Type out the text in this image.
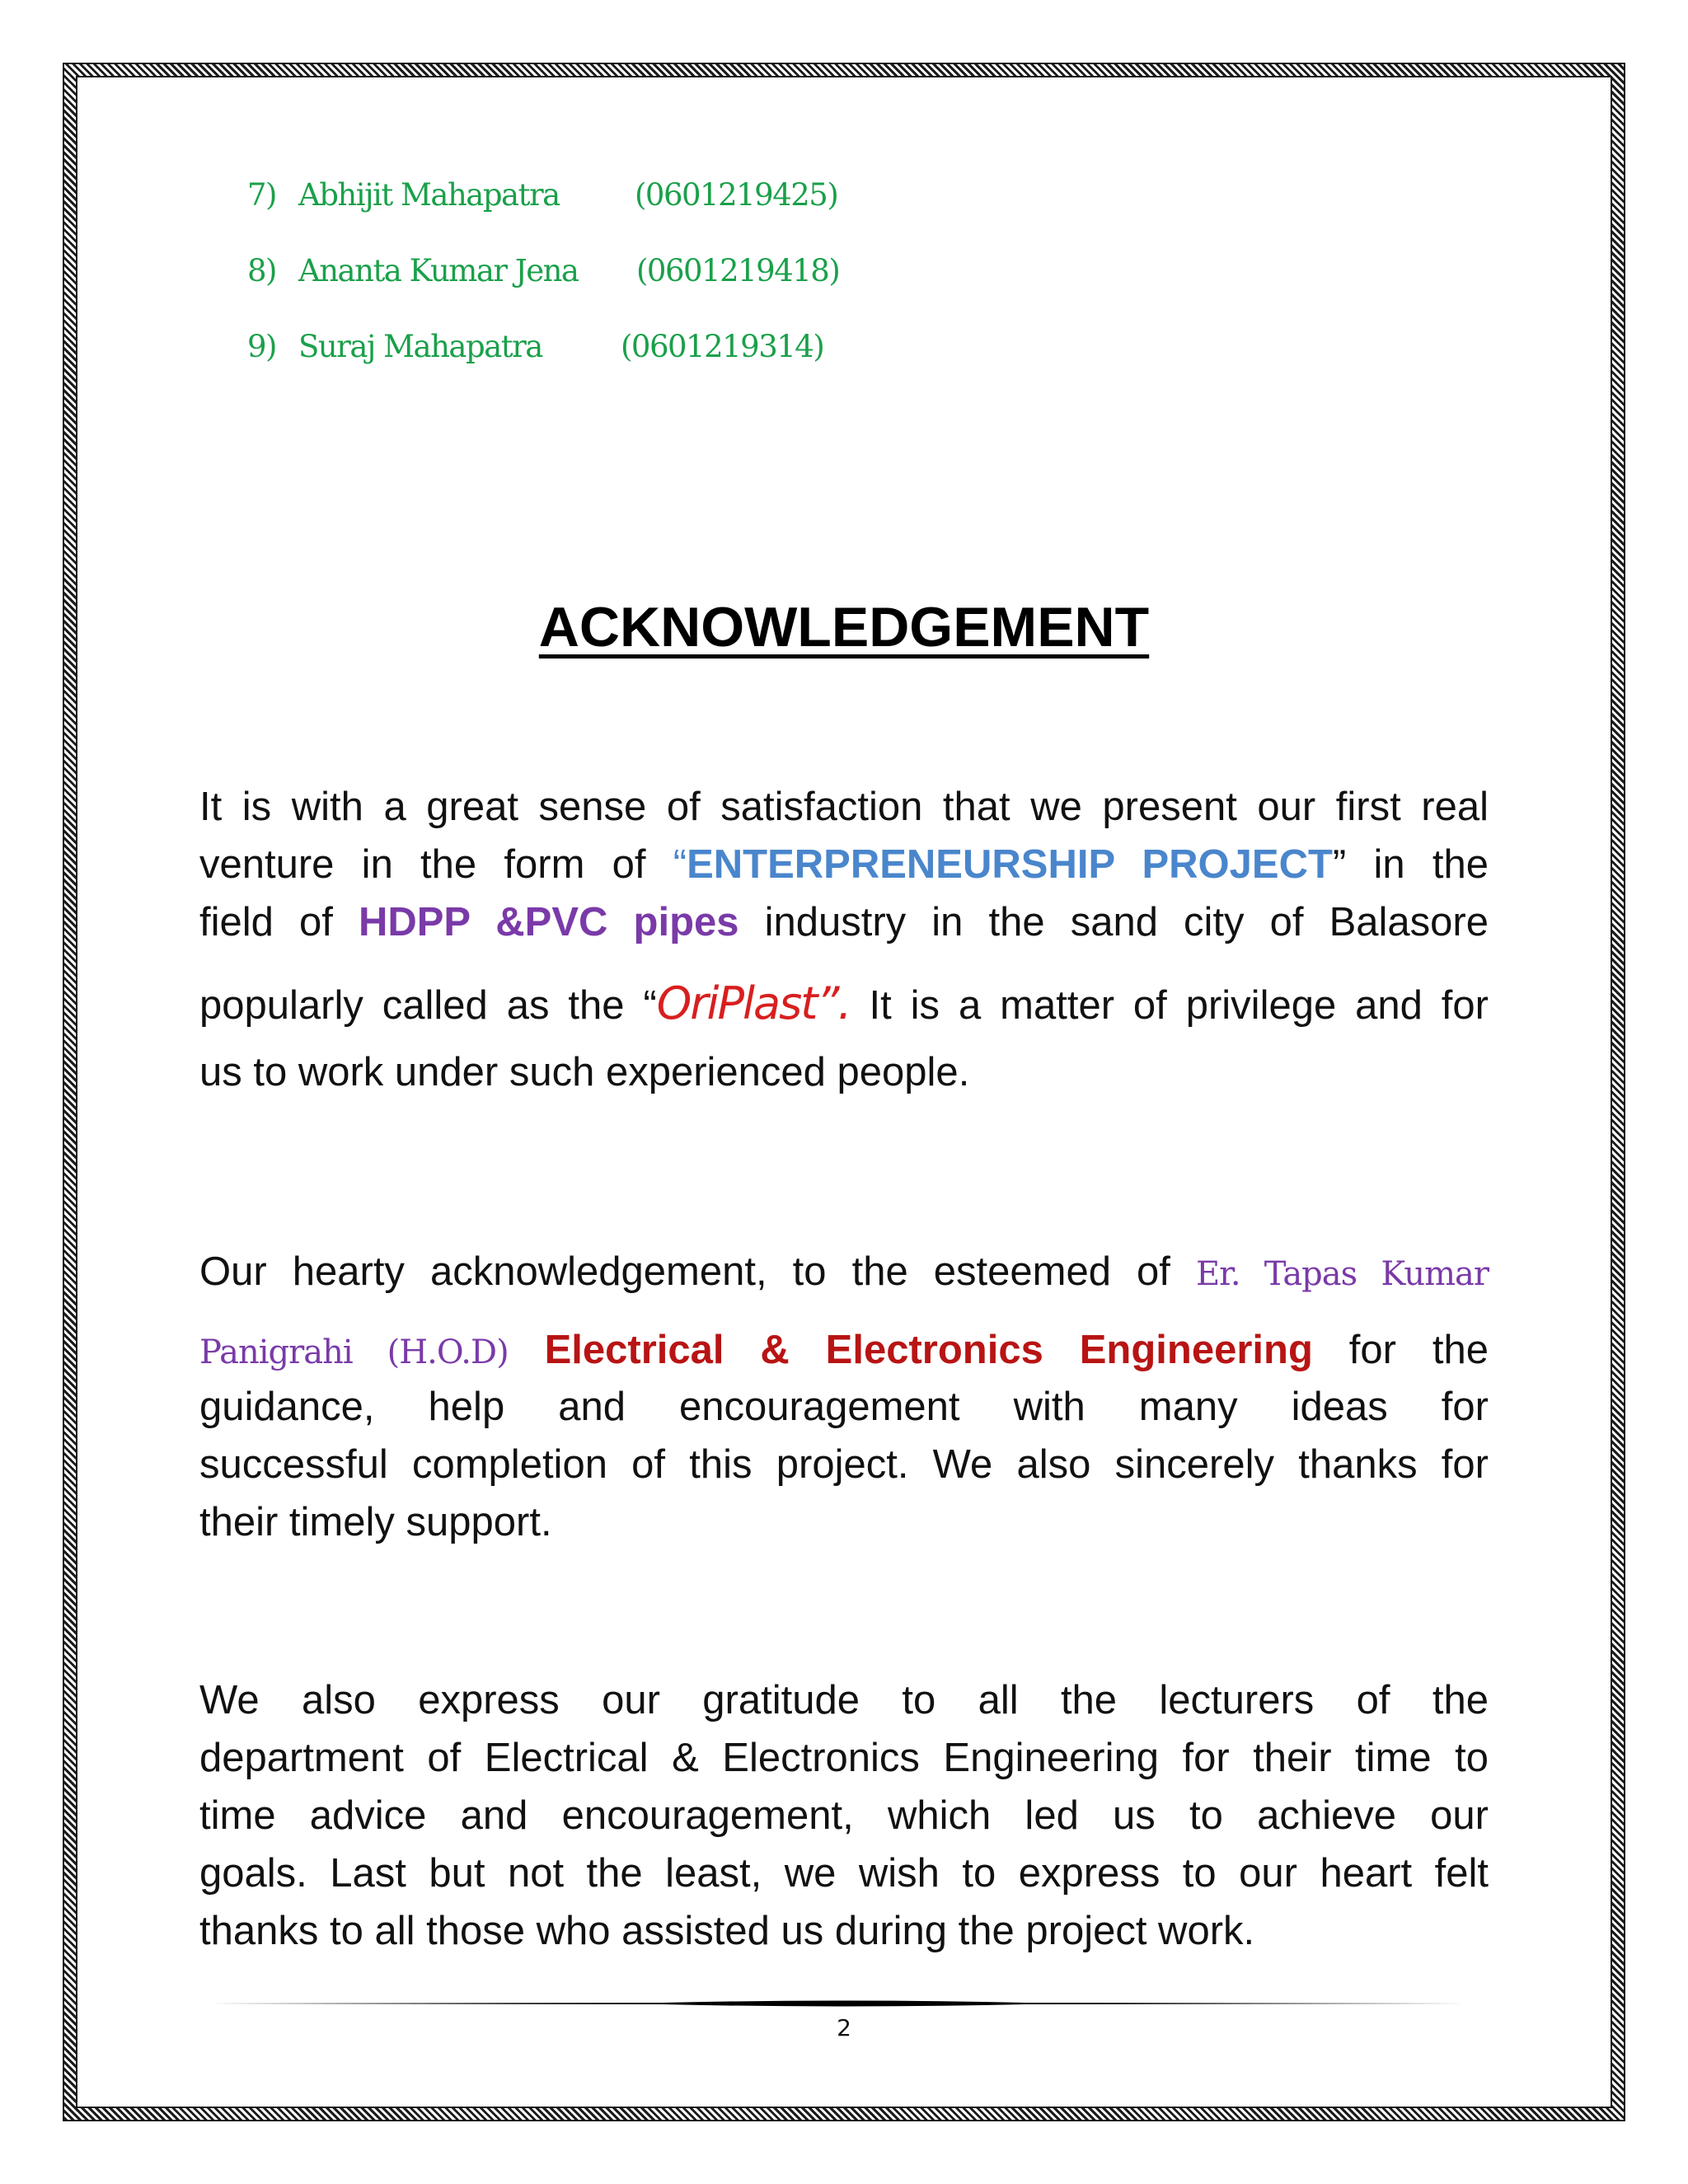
7) Abhijit Mahapatra	(0601219425)
8) Ananta Kumar Jena	(0601219418)
9) Suraj Mahapatra	(0601219314)
ACKNOWLEDGEMENT
It is with a great sense of satisfaction that we present our first real
venture in the form of “ENTERPRENEURSHIP PROJECT” in the
field of HDPP &PVC pipes industry in the sand city of Balasore
popularly called as the “OriPlast”. It is a matter of privilege and for
us to work under such experienced people.
Our hearty acknowledgement, to the esteemed of Er. Tapas Kumar
Panigrahi (H.O.D) Electrical & Electronics Engineering for the
guidance, help and encouragement with many ideas for
successful completion of this project. We also sincerely thanks for
their timely support.
We also express our gratitude to all the lecturers of the
department of Electrical & Electronics Engineering for their time to
time advice and encouragement, which led us to achieve our
goals. Last but not the least, we wish to express to our heart felt
thanks to all those who assisted us during the project work.
2
